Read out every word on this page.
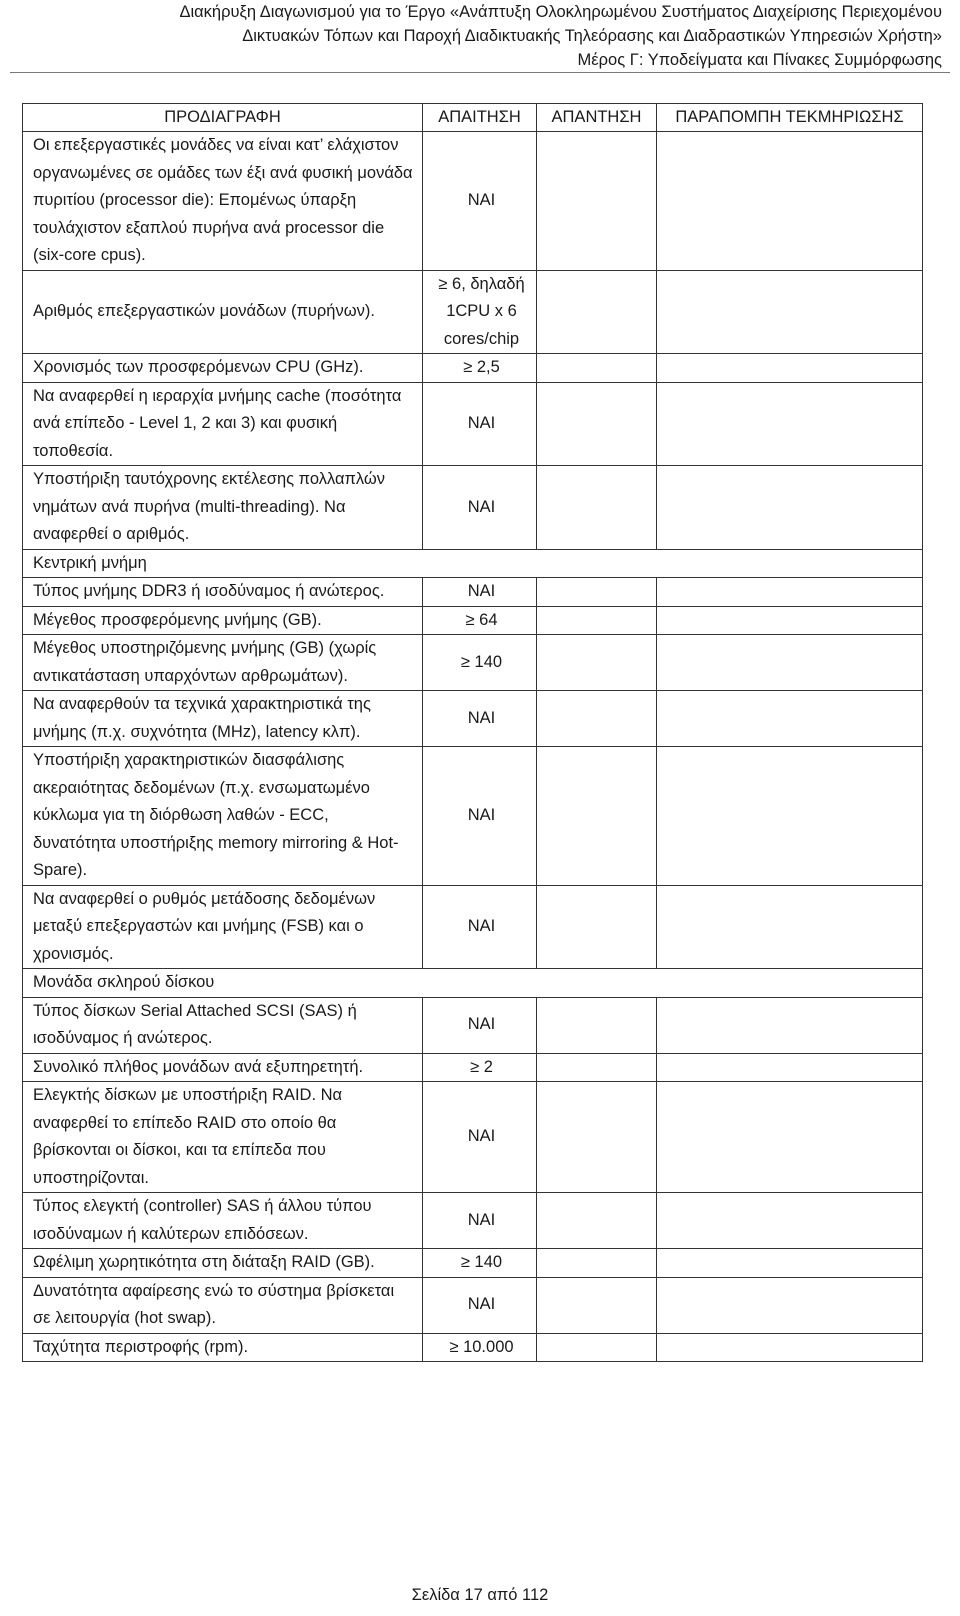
Διακήρυξη Διαγωνισμού για το Έργο «Ανάπτυξη Ολοκληρωμένου Συστήματος Διαχείρισης Περιεχομένου
Δικτυακών Τόπων και Παροχή Διαδικτυακής Τηλεόρασης και Διαδραστικών Υπηρεσιών Χρήστη»
Μέρος Γ: Υποδείγματα και Πίνακες Συμμόρφωσης
ΠΡΟΔΙΑΓΡΑΦΗ	ΑΠΑΙΤΗΣΗ	ΑΠΑΝΤΗΣΗ	ΠΑΡΑΠΟΜΠΗ ΤΕΚΜΗΡΙΩΣΗΣ
Οι επεξεργαστικές μονάδες να είναι κατ’ ελάχιστον οργανωμένες σε ομάδες των έξι ανά φυσική μονάδα πυριτίου (processor die): Επομένως ύπαρξη τουλάχιστον εξαπλού πυρήνα ανά processor die (six-core cpus).	ΝΑΙ		
Αριθμός επεξεργαστικών μονάδων (πυρήνων).	≥ 6, δηλαδή 1CPU x 6 cores/chip		
Χρονισμός των προσφερόμενων CPU (GHz).	≥ 2,5		
Να αναφερθεί η ιεραρχία μνήμης cache (ποσότητα ανά επίπεδο - Level 1, 2 και 3) και φυσική τοποθεσία.	ΝΑΙ		
Υποστήριξη ταυτόχρονης εκτέλεσης πολλαπλών νημάτων ανά πυρήνα (multi-threading). Να αναφερθεί ο αριθμός.	ΝΑΙ		
Κεντρική μνήμη			
Τύπος μνήμης DDR3 ή ισοδύναμος ή ανώτερος.	ΝΑΙ		
Μέγεθος προσφερόμενης μνήμης (GB).	≥ 64		
Μέγεθος υποστηριζόμενης μνήμης (GB) (χωρίς αντικατάσταση υπαρχόντων αρθρωμάτων).	≥ 140		
Να αναφερθούν τα τεχνικά χαρακτηριστικά της μνήμης (π.χ. συχνότητα (MHz), latency κλπ).	ΝΑΙ		
Υποστήριξη χαρακτηριστικών διασφάλισης ακεραιότητας δεδομένων (π.χ. ενσωματωμένο κύκλωμα για τη διόρθωση λαθών - ECC, δυνατότητα υποστήριξης memory mirroring & Hot-Spare).	ΝΑΙ		
Να αναφερθεί ο ρυθμός μετάδοσης δεδομένων μεταξύ επεξεργαστών και μνήμης (FSB) και ο χρονισμός.	ΝΑΙ		
Μονάδα σκληρού δίσκου			
Τύπος δίσκων Serial Attached SCSI (SAS) ή ισοδύναμος ή ανώτερος.	ΝΑΙ		
Συνολικό πλήθος μονάδων ανά εξυπηρετητή.	≥ 2		
Ελεγκτής δίσκων με υποστήριξη RAID. Να αναφερθεί το επίπεδο RAID στο οποίο θα βρίσκονται οι δίσκοι, και τα επίπεδα που υποστηρίζονται.	ΝΑΙ		
Τύπος ελεγκτή (controller) SAS ή άλλου τύπου ισοδύναμων ή καλύτερων επιδόσεων.	ΝΑΙ		
Ωφέλιμη χωρητικότητα στη διάταξη RAID (GB).	≥ 140		
Δυνατότητα αφαίρεσης ενώ το σύστημα βρίσκεται σε λειτουργία (hot swap).	ΝΑΙ		
Ταχύτητα περιστροφής (rpm).	≥ 10.000		
Σελίδα 17 από 112
